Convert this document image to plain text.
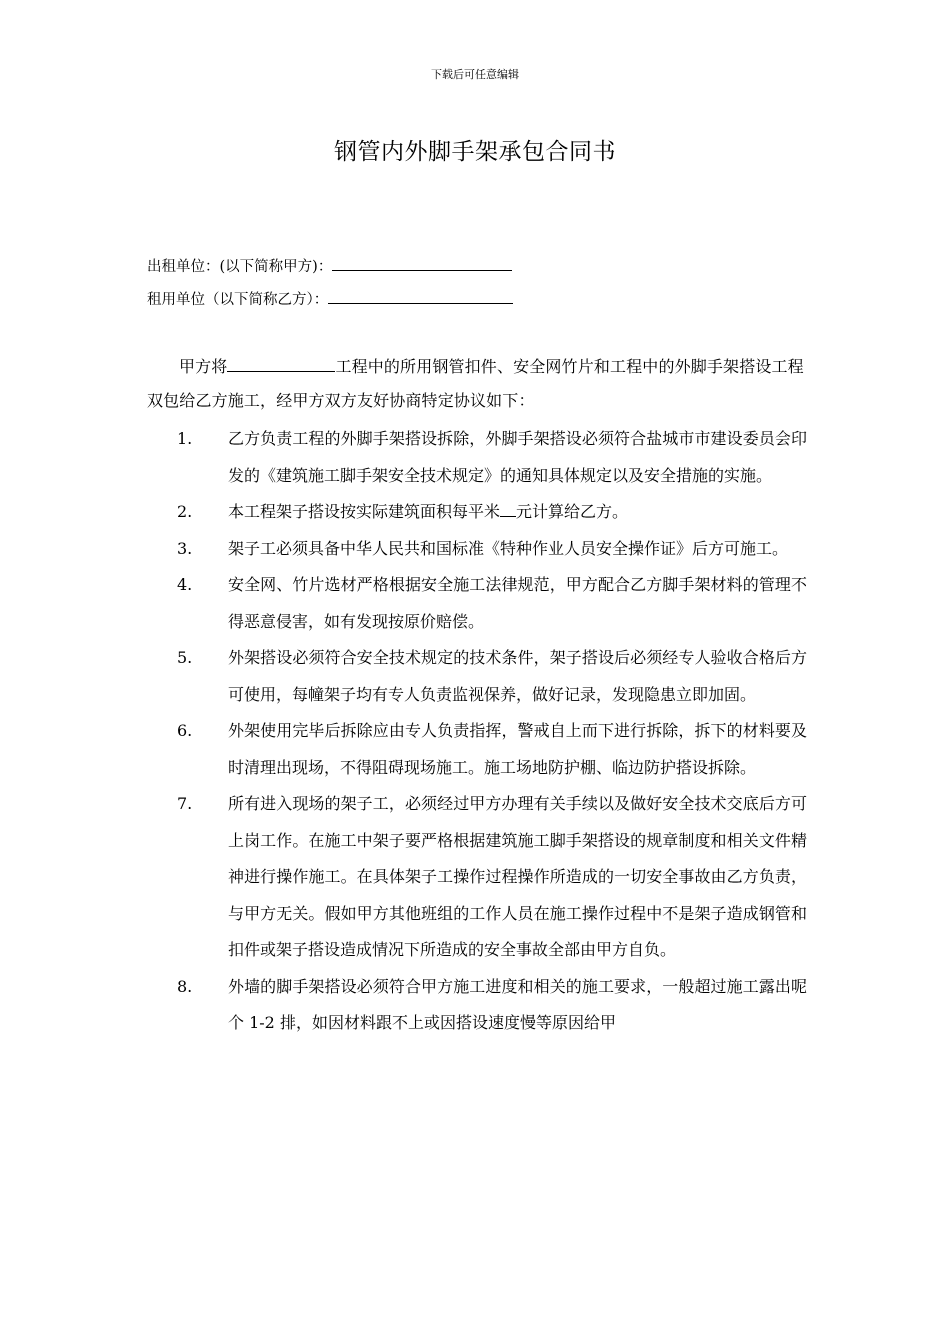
下载后可任意编辑
钢管内外脚手架承包合同书
出租单位：(以下简称甲方)：
租用单位（以下简称乙方）：
甲方将	工程中的所用钢管扣件、安全网竹片和工程中的外脚手架搭设工程双包给乙方施工，经甲方双方友好协商特定协议如下：
1.	乙方负责工程的外脚手架搭设拆除，外脚手架搭设必须符合盐城市市建设委员会印发的《建筑施工脚手架安全技术规定》的通知具体规定以及安全措施的实施。
2.	本工程架子搭设按实际建筑面积每平米 元计算给乙方。
3.	架子工必须具备中华人民共和国标准《特种作业人员安全操作证》后方可施工。
4.	安全网、竹片选材严格根据安全施工法律规范，甲方配合乙方脚手架材料的管理不得恶意侵害，如有发现按原价赔偿。
5.	外架搭设必须符合安全技术规定的技术条件，架子搭设后必须经专人验收合格后方可使用，每幢架子均有专人负责监视保养，做好记录，发现隐患立即加固。
6.	外架使用完毕后拆除应由专人负责指挥，警戒自上而下进行拆除，拆下的材料要及时清理出现场，不得阻碍现场施工。施工场地防护棚、临边防护搭设拆除。
7.	所有进入现场的架子工，必须经过甲方办理有关手续以及做好安全技术交底后方可上岗工作。在施工中架子要严格根据建筑施工脚手架搭设的规章制度和相关文件精神进行操作施工。在具体架子工操作过程操作所造成的一切安全事故由乙方负责，与甲方无关。假如甲方其他班组的工作人员在施工操作过程中不是架子造成钢管和扣件或架子搭设造成情况下所造成的安全事故全部由甲方自负。
8.	外墙的脚手架搭设必须符合甲方施工进度和相关的施工要求，一般超过施工露出呢个 1-2 排，如因材料跟不上或因搭设速度慢等原因给甲
